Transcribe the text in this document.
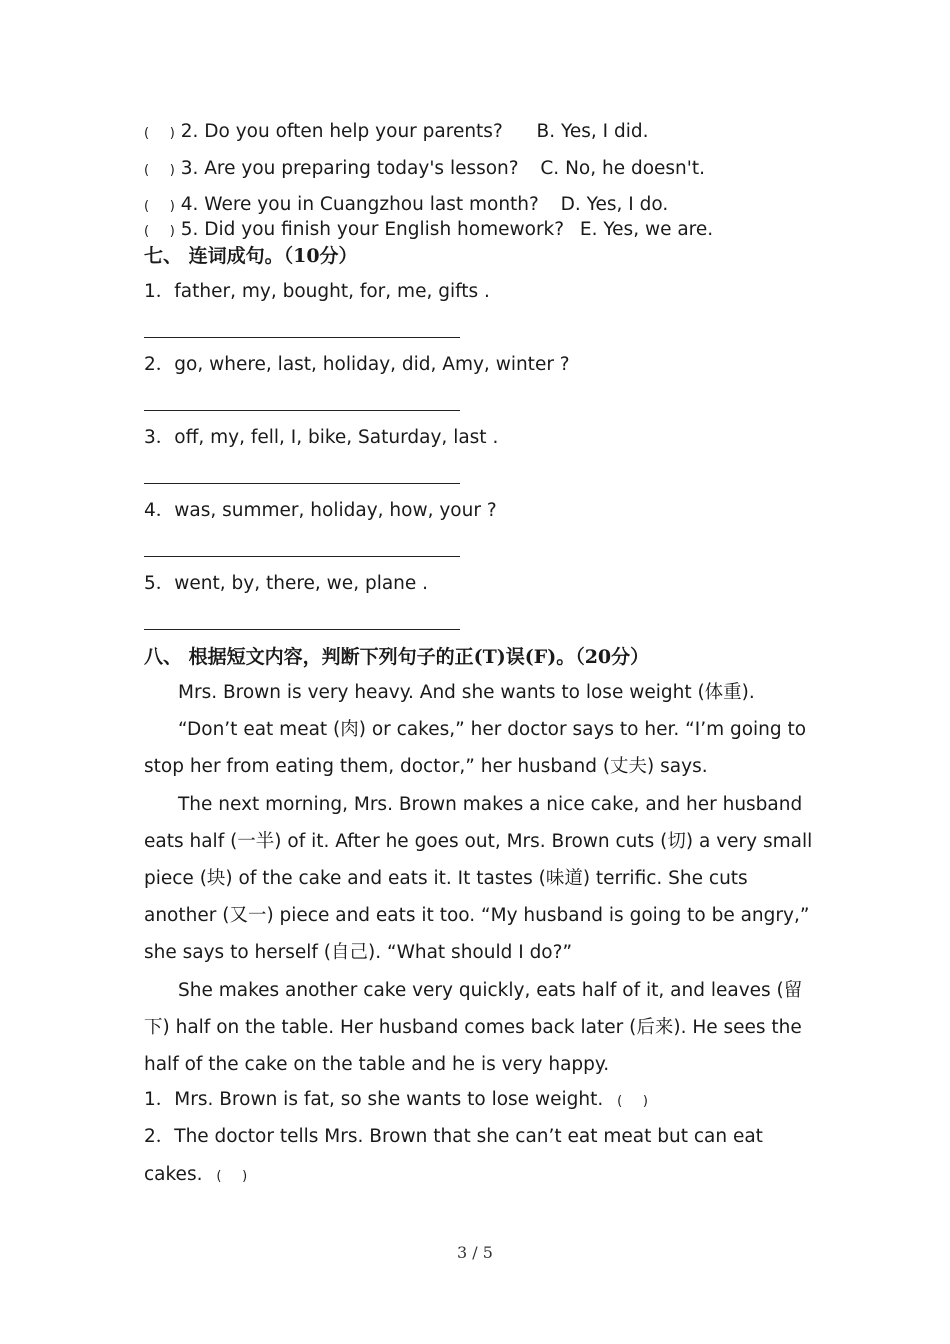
(     ) 2. Do you often help your parents? B. Yes, I did.
(     ) 3. Are you preparing today's lesson? C. No, he doesn't.
(     ) 4. Were you in Cuangzhou last month? D. Yes, I do.
(     ) 5. Did you finish your English homework? E. Yes, we are.
七、 连词成句。（10分）
1．father, my, bought, for, me, gifts .
2．go, where, last, holiday, did, Amy, winter ?
3．off, my, fell, I, bike, Saturday, last .
4．was, summer, holiday, how, your ?
5．went, by, there, we, plane .
八、 根据短文内容，判断下列句子的正(T)误(F)。（20分）

Mrs. Brown is very heavy. And she wants to lose weight (体重).

“Don’t eat meat (肉) or cakes,” her doctor says to her. “I’m going to stop her from eating them, doctor,” her husband (丈夫) says.

The next morning, Mrs. Brown makes a nice cake, and her husband eats half (一半) of it. After he goes out, Mrs. Brown cuts (切) a very small piece (块) of the cake and eats it. It tastes (味道) terrific. She cuts another (又一) piece and eats it too. “My husband is going to be angry,” she says to herself (自己). “What should I do?”

She makes another cake very quickly, eats half of it, and leaves (留下) half on the table. Her husband comes back later (后来). He sees the half of the cake on the table and he is very happy.

1．Mrs. Brown is fat, so she wants to lose weight. (     )
2．The doctor tells Mrs. Brown that she can’t eat meat but can eat
cakes. (     )
3 / 5
